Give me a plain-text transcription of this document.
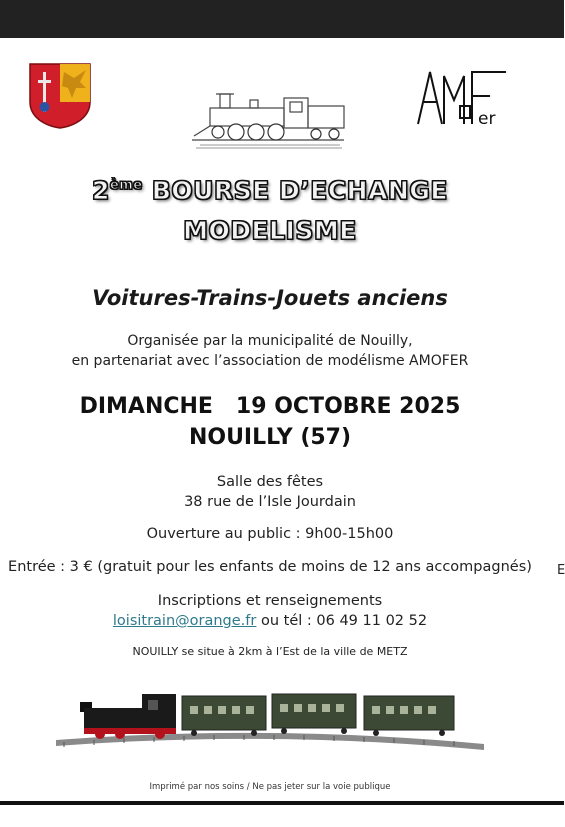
er
2ème BOURSE D’ECHANGE
MODELISME
Voitures-Trains-Jouets anciens
Organisée par la municipalité de Nouilly,
en partenariat avec l’association de modélisme AMOFER
DIMANCHE   19 OCTOBRE 2025
NOUILLY (57)
Salle des fêtes
38 rue de l’Isle Jourdain
Ouverture au public : 9h00-15h00
Entrée : 3 € (gratuit pour les enfants de moins de 12 ans accompagnés)	E
Inscriptions et renseignements
loisitrain@orange.fr ou tél : 06 49 11 02 52
NOUILLY se situe à 2km à l’Est de la ville de METZ
Imprimé par nos soins / Ne pas jeter sur la voie publique
